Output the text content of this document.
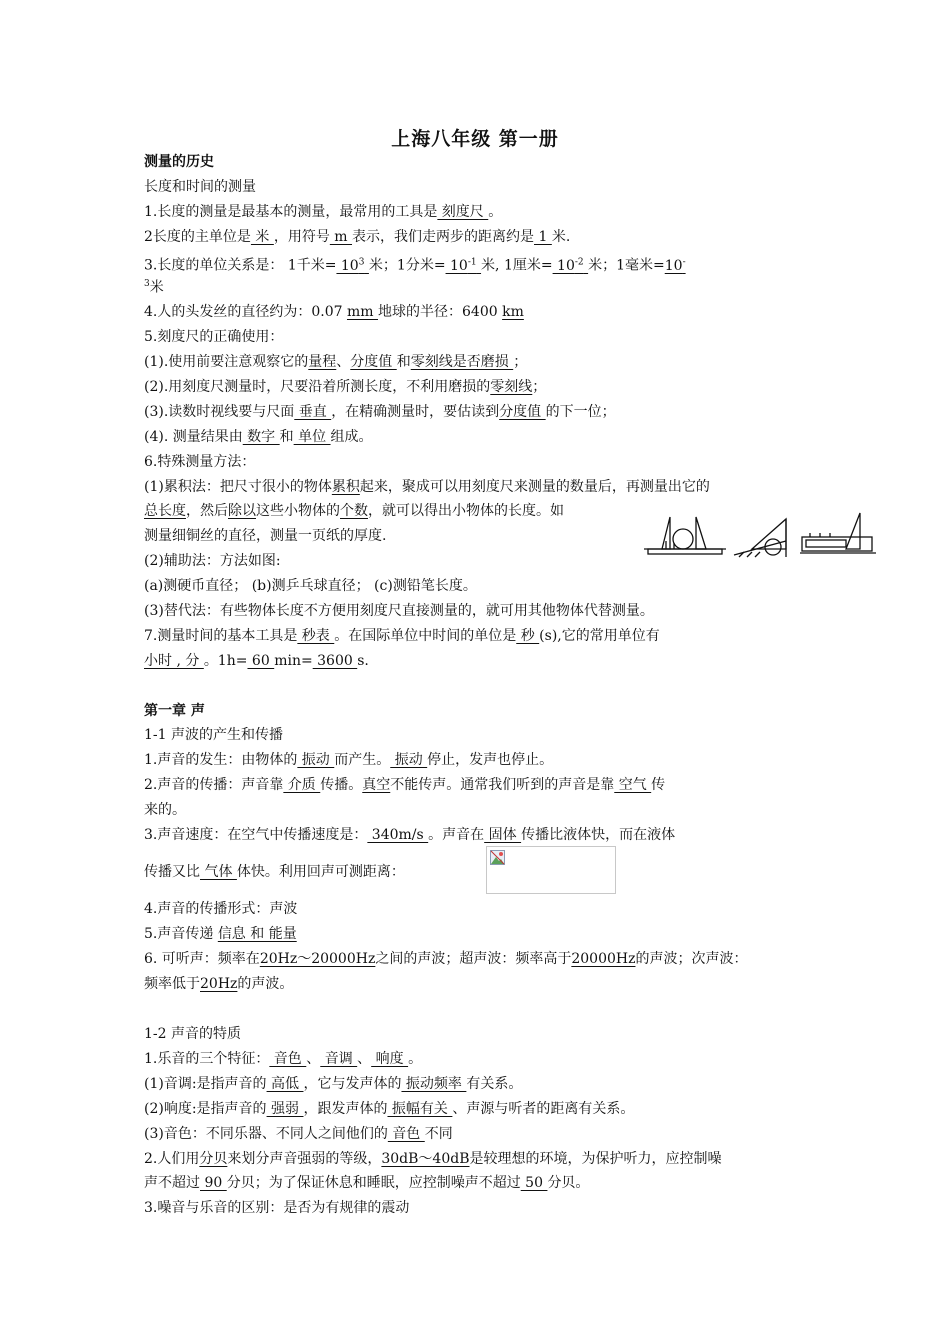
上海八年级 第一册
测量的历史
长度和时间的测量
1.长度的测量是最基本的测量，最常用的工具是 刻度尺 。
2长度的主单位是 米 ，用符号 m 表示，我们走两步的距离约是 1 米.
3.长度的单位关系是： 1千米= $10^3$ 米；1分米= $10^{-1}$ 米, 1厘米= $10^{-2}$ 米；1毫米=10-
$^3$米
4.人的头发丝的直径约为：0.07 mm 地球的半径：6400 km
5.刻度尺的正确使用：
(1).使用前要注意观察它的量程、分度值 和零刻线是否磨损 ；
(2).用刻度尺测量时，尺要沿着所测长度，不利用磨损的零刻线；
(3).读数时视线要与尺面 垂直 ，在精确测量时，要估读到分度值 的下一位；
(4). 测量结果由 数字 和 单位 组成。
6.特殊测量方法：
(1)累积法：把尺寸很小的物体累积起来，聚成可以用刻度尺来测量的数量后，再测量出它的
总长度，然后除以这些小物体的个数，就可以得出小物体的长度。如
测量细铜丝的直径，测量一页纸的厚度.
(2)辅助法：方法如图:
(a)测硬币直径； (b)测乒乓球直径； (c)测铅笔长度。
(3)替代法：有些物体长度不方便用刻度尺直接测量的，就可用其他物体代替测量。
7.测量时间的基本工具是 秒表 。在国际单位中时间的单位是 秒 (s),它的常用单位有
小时 , 分 。1h= 60 min= 3600 s.
第一章 声
1-1 声波的产生和传播
1.声音的发生：由物体的 振动 而产生。 振动 停止，发声也停止。
2.声音的传播：声音靠 介质 传播。真空不能传声。通常我们听到的声音是靠 空气 传
来的。
3.声音速度：在空气中传播速度是： 340m/s 。声音在 固体 传播比液体快，而在液体
传播又比 气体 体快。利用回声可测距离：
4.声音的传播形式：声波
5.声音传递 信息 和 能量
6. 可听声：频率在20Hz～20000Hz之间的声波；超声波：频率高于20000Hz的声波；次声波：
频率低于20Hz的声波。
1-2 声音的特质
1.乐音的三个特征： 音色 、 音调 、 响度 。
(1)音调:是指声音的 高低 ，它与发声体的 振动频率 有关系。
(2)响度:是指声音的 强弱 ，跟发声体的 振幅有关 、声源与听者的距离有关系。
(3)音色：不同乐器、不同人之间他们的 音色 不同
2.人们用分贝来划分声音强弱的等级，30dB～40dB是较理想的环境，为保护听力，应控制噪
声不超过 90 分贝；为了保证休息和睡眠，应控制噪声不超过 50 分贝。
3.噪音与乐音的区别：是否为有规律的震动
